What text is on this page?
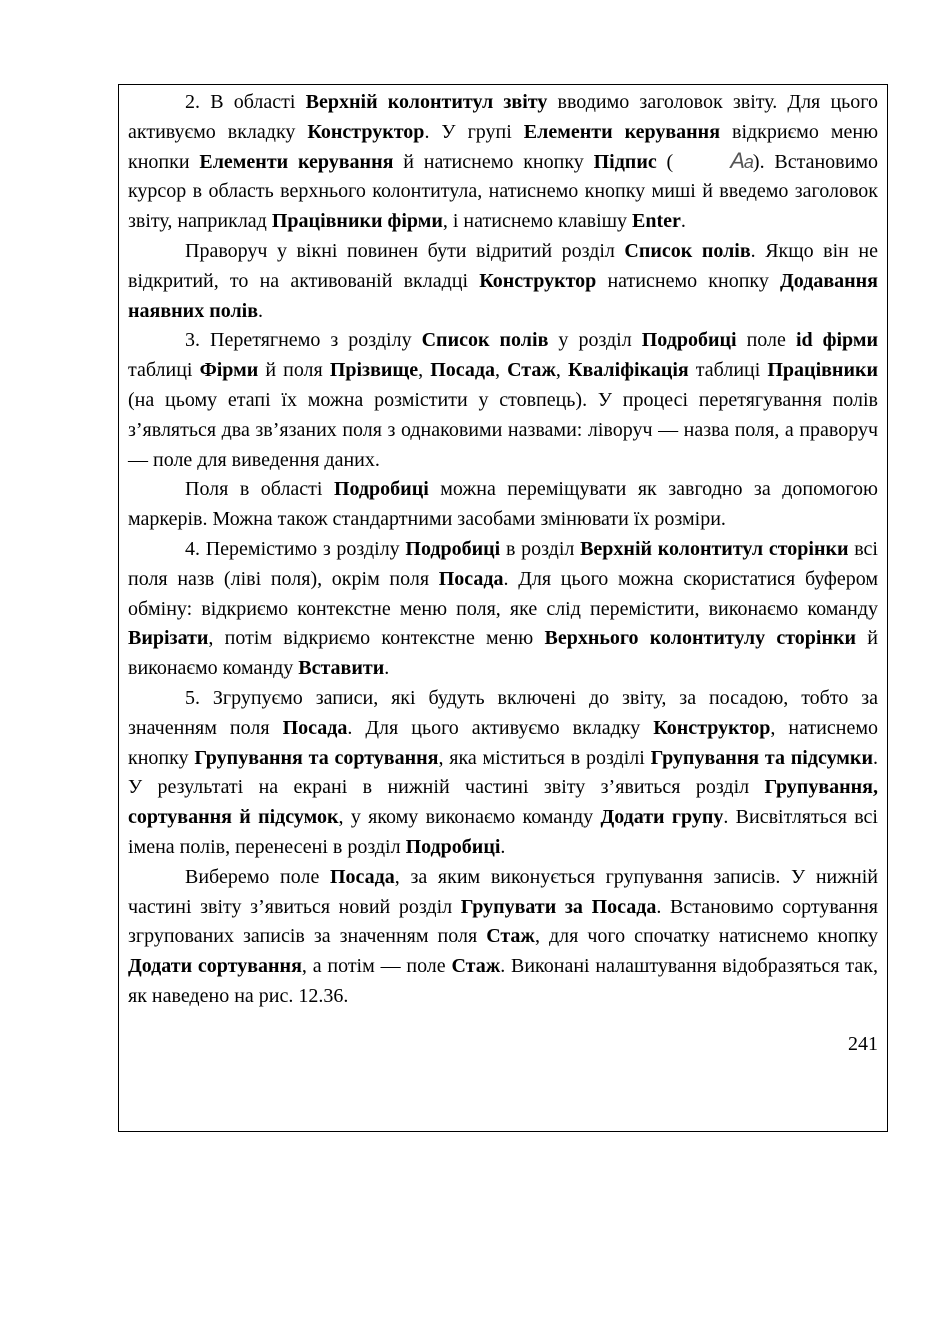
2. В області Верхній колонтитул звіту вводимо заголовок звіту. Для цього активуємо вкладку Конструктор. У групі Елементи керування відкриємо меню кнопки Елементи керування й натиснемо кнопку Підпис (	Aa). Встановимо курсор в область верхнього колонтитула, натиснемо кнопку миші й введемо заголовок звіту, наприклад Працівники фірми, і натиснемо клавішу Enter.

Праворуч у вікні повинен бути відритий розділ Список полів. Якщо він не відкритий, то на активованій вкладці Конструктор натиснемо кнопку Додавання наявних полів.

3. Перетягнемо з розділу Список полів у розділ Подробиці поле id фірми таблиці Фірми й поля Прізвище, Посада, Стаж, Кваліфікація таблиці Працівники (на цьому етапі їх можна розмістити у стовпець). У процесі перетягування полів з’являться два зв’язаних поля з однаковими назвами: ліворуч — назва поля, а праворуч — поле для виведення даних.

Поля в області Подробиці можна переміщувати як завгодно за допомогою маркерів. Можна також стандартними засобами змінювати їх розміри.

4. Перемістимо з розділу Подробиці в розділ Верхній колонтитул сторінки всі поля назв (ліві поля), окрім поля Посада. Для цього можна скористатися буфером обміну: відкриємо контекстне меню поля, яке слід перемістити, виконаємо команду Вирізати, потім відкриємо контекстне меню Верхнього колонтитулу сторінки й виконаємо команду Вставити.

5. Згрупуємо записи, які будуть включені до звіту, за посадою, тобто за значенням поля Посада. Для цього активуємо вкладку Конструктор, натиснемо кнопку Групування та сортування, яка міститься в розділі Групування та підсумки. У результаті на екрані в нижній частині звіту з’явиться розділ Групування, сортування й підсумок, у якому виконаємо команду Додати групу. Висвітляться всі імена полів, перенесені в розділ Подробиці.

Виберемо поле Посада, за яким виконується групування записів. У нижній частині звіту з’явиться новий розділ Групувати за Посада. Встановимо сортування згрупованих записів за значенням поля Стаж, для чого спочатку натиснемо кнопку Додати сортування, а потім — поле Стаж. Виконані налаштування відобразяться так, як наведено на рис. 12.36.

241
